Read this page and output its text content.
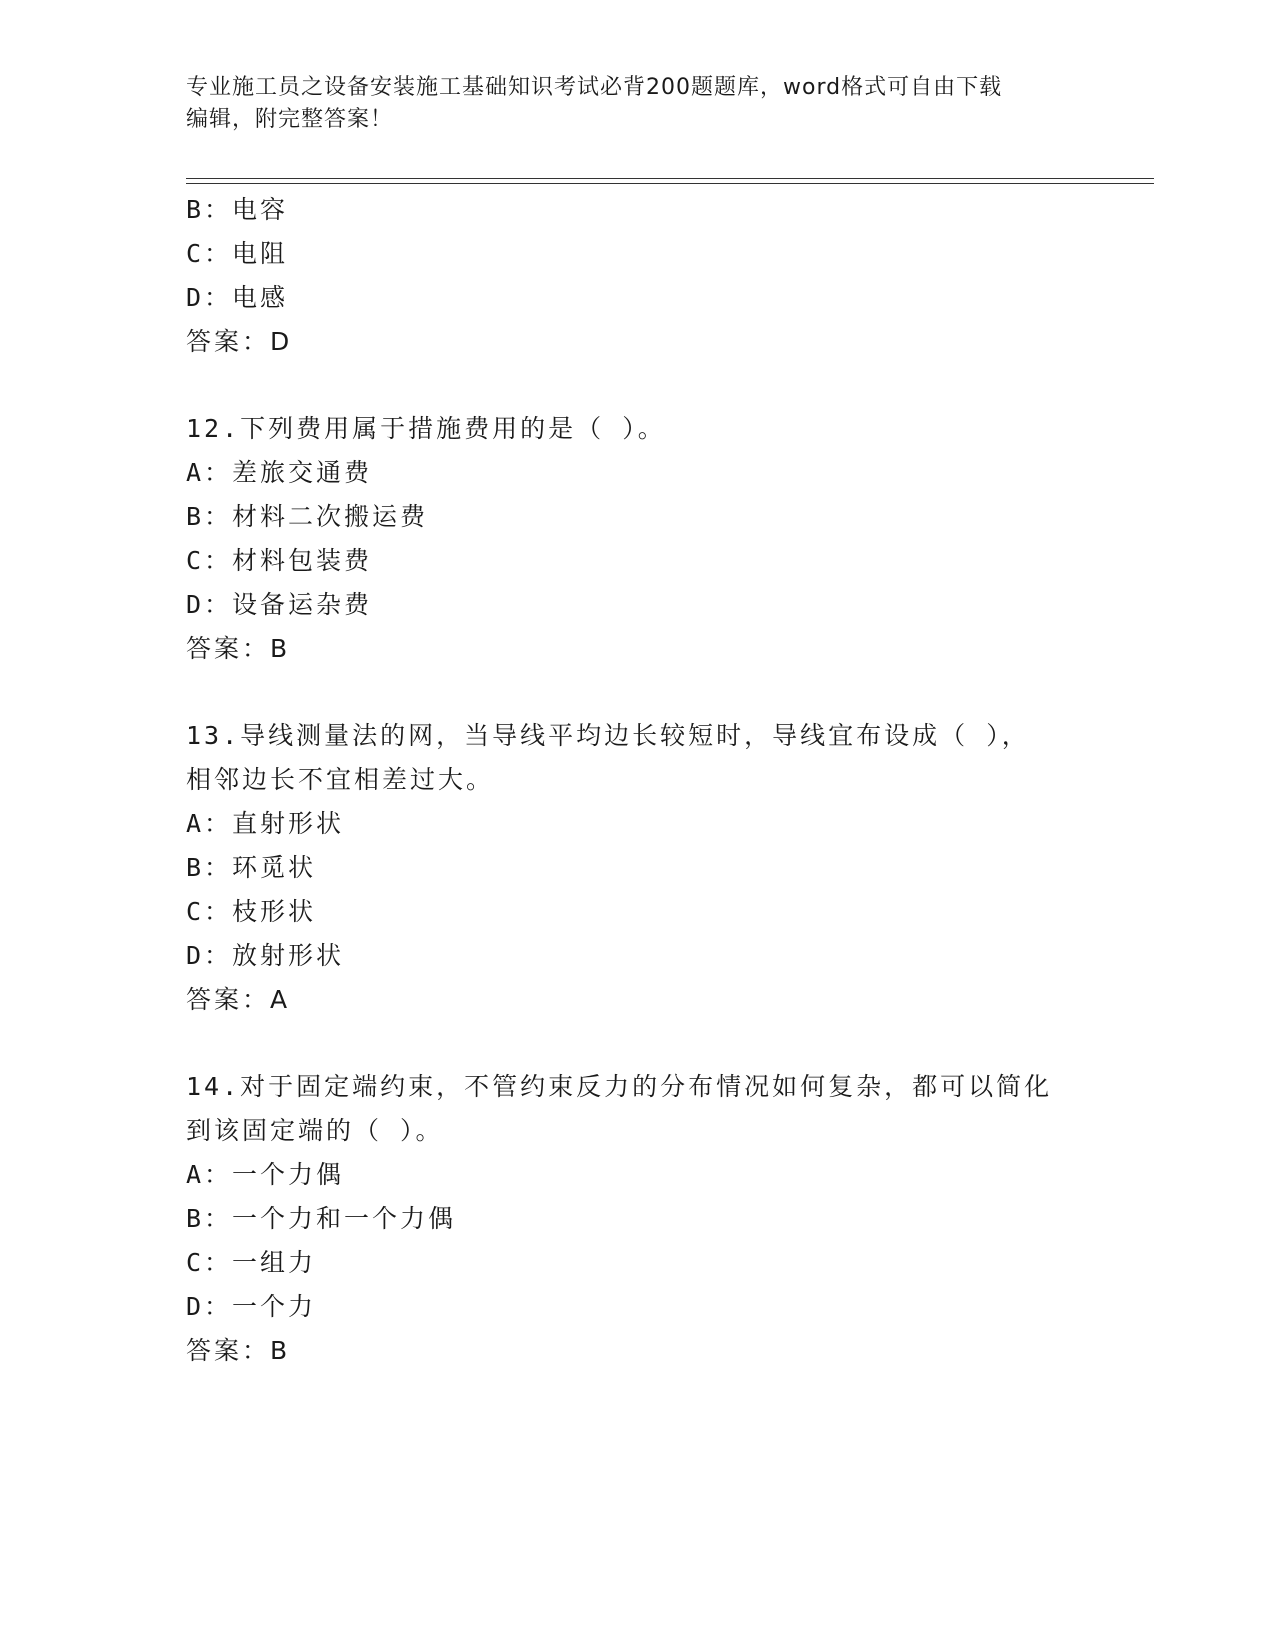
专业施工员之设备安装施工基础知识考试必背200题题库，word格式可自由下载
编辑，附完整答案！
B：电容
C：电阻
D：电感
答案：D
12.下列费用属于措施费用的是（ ）。
A：差旅交通费
B：材料二次搬运费
C：材料包装费
D：设备运杂费
答案：B
13.导线测量法的网，当导线平均边长较短时，导线宜布设成（ ），
相邻边长不宜相差过大。
A：直射形状
B：环觅状
C：枝形状
D：放射形状
答案：A
14.对于固定端约束，不管约束反力的分布情况如何复杂，都可以简化
到该固定端的（ ）。
A：一个力偶
B：一个力和一个力偶
C：一组力
D：一个力
答案：B
